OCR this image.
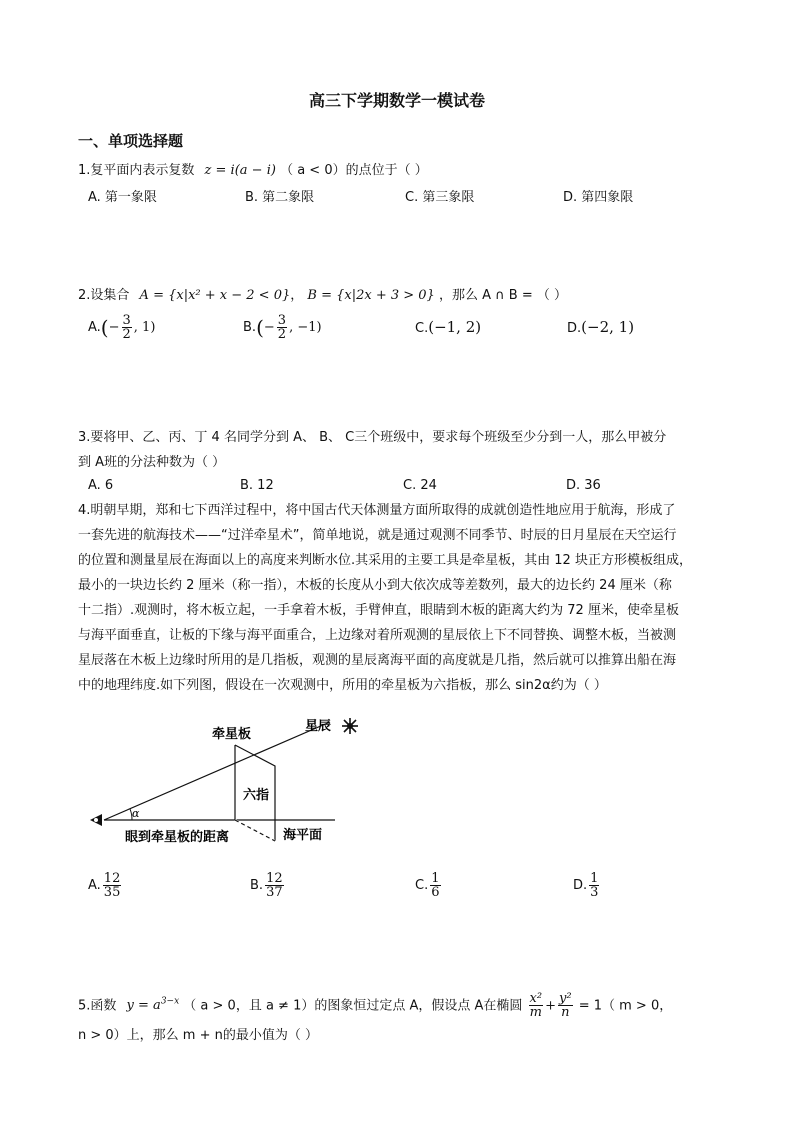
高三下学期数学一模试卷
一、单项选择题
1.复平面内表示复数 z = i(a − i) （ a < 0）的点位于（ ）
A. 第一象限	B. 第二象限	C. 第三象限	D. 第四象限
2.设集合 A = {x|x² + x − 2 < 0}， B = {x|2x + 3 > 0} ，那么 A ∩ B = （ ）
$A.(- \frac{3}{2}$ , 1)	$B.(- \frac{3}{2}$ , −1)	C.(−1, 2)	D.(−2, 1)
3.要将甲、乙、丙、丁 4 名同学分到 A、 B、 C三个班级中，要求每个班级至少分到一人，那么甲被分
到 A班的分法种数为（ ）
A. 6	B. 12	C. 24	D. 36
4.明朝早期，郑和七下西洋过程中，将中国古代天体测量方面所取得的成就创造性地应用于航海，形成了
一套先进的航海技术——“过洋牵星术”，简单地说，就是通过观测不同季节、时辰的日月星辰在天空运行
的位置和测量星辰在海面以上的高度来判断水位.其采用的主要工具是牵星板，其由 12 块正方形模板组成，
最小的一块边长约 2 厘米（称一指），木板的长度从小到大依次成等差数列，最大的边长约 24 厘米（称
十二指）.观测时，将木板立起，一手拿着木板，手臂伸直，眼睛到木板的距离大约为 72 厘米，使牵星板
与海平面垂直，让板的下缘与海平面重合，上边缘对着所观测的星辰依上下不同替换、调整木板，当被测
星辰落在木板上边缘时所用的是几指板，观测的星辰离海平面的高度就是几指，然后就可以推算出船在海
中的地理纬度.如下列图，假设在一次观测中，所用的牵星板为六指板，那么 sin2α约为（ ）
星辰
牵星板
六指
α
眼到牵星板的距离	海平面
A. $\frac{12}{35}$	B. $\frac{12}{37}$	C. $\frac{1}{6}$	D. $\frac{1}{3}$
5.函数 $y = a^{3-x}$ （ a > 0，且 a ≠ 1）的图象恒过定点 A，假设点 A在椭圆 $\frac{\text{x²}}{m} + \frac{\text{y²}}{n} = 1$（ m > 0，
n > 0）上，那么 m + n的最小值为（ ）
